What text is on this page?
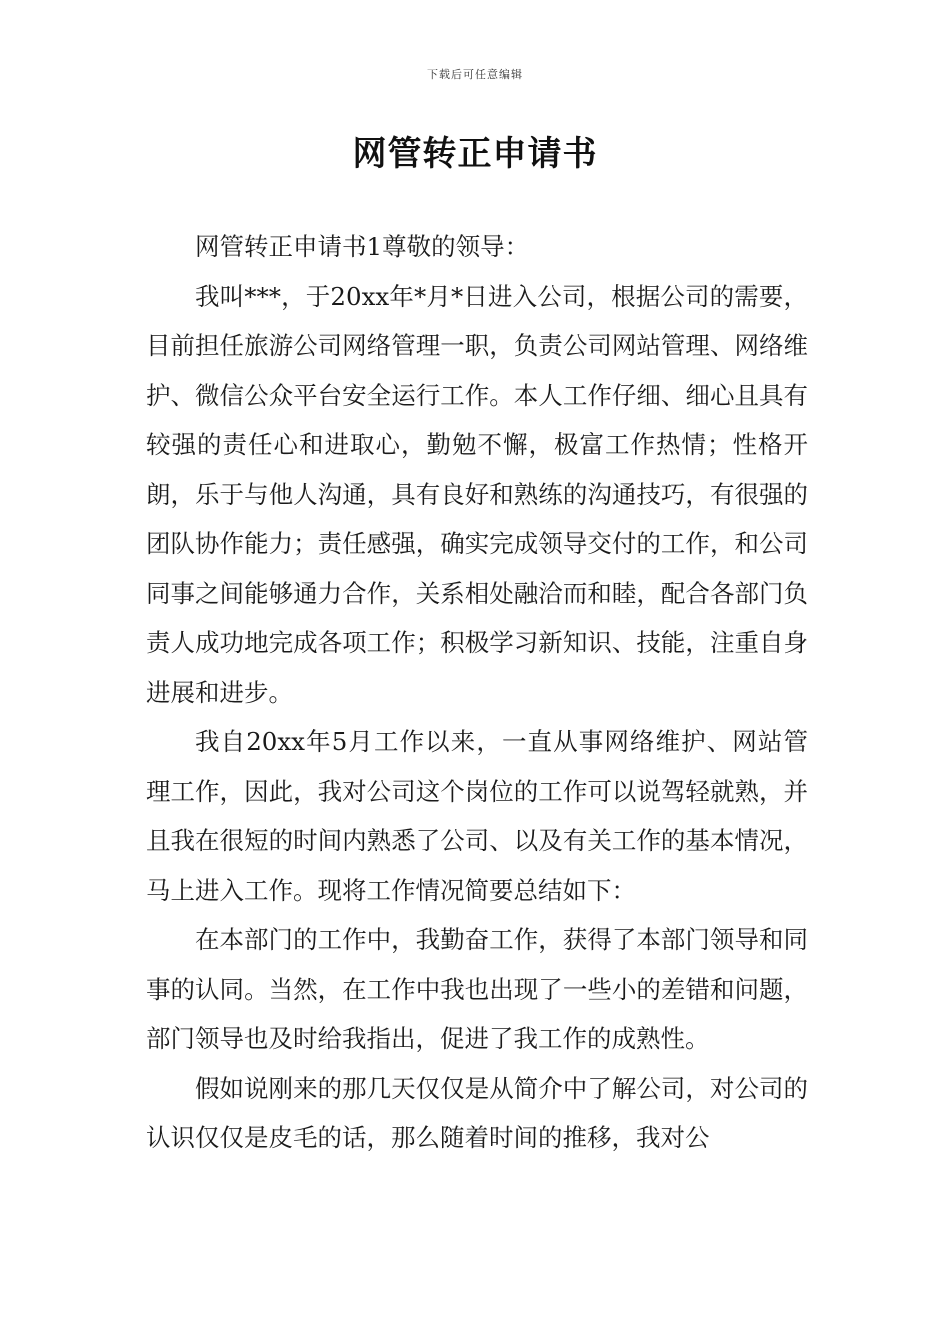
下载后可任意编辑
网管转正申请书

网管转正申请书1尊敬的领导：

我叫***，于20xx年*月*日进入公司，根据公司的需要，目前担任旅游公司网络管理一职，负责公司网站管理、网络维护、微信公众平台安全运行工作。本人工作仔细、细心且具有较强的责任心和进取心，勤勉不懈，极富工作热情；性格开朗，乐于与他人沟通，具有良好和熟练的沟通技巧，有很强的团队协作能力；责任感强，确实完成领导交付的工作，和公司同事之间能够通力合作，关系相处融洽而和睦，配合各部门负责人成功地完成各项工作；积极学习新知识、技能，注重自身进展和进步。

我自20xx年5月工作以来，一直从事网络维护、网站管理工作，因此，我对公司这个岗位的工作可以说驾轻就熟，并且我在很短的时间内熟悉了公司、以及有关工作的基本情况，马上进入工作。现将工作情况简要总结如下：

在本部门的工作中，我勤奋工作，获得了本部门领导和同事的认同。当然，在工作中我也出现了一些小的差错和问题，部门领导也及时给我指出，促进了我工作的成熟性。

假如说刚来的那几天仅仅是从简介中了解公司，对公司的认识仅仅是皮毛的话，那么随着时间的推移，我对公
